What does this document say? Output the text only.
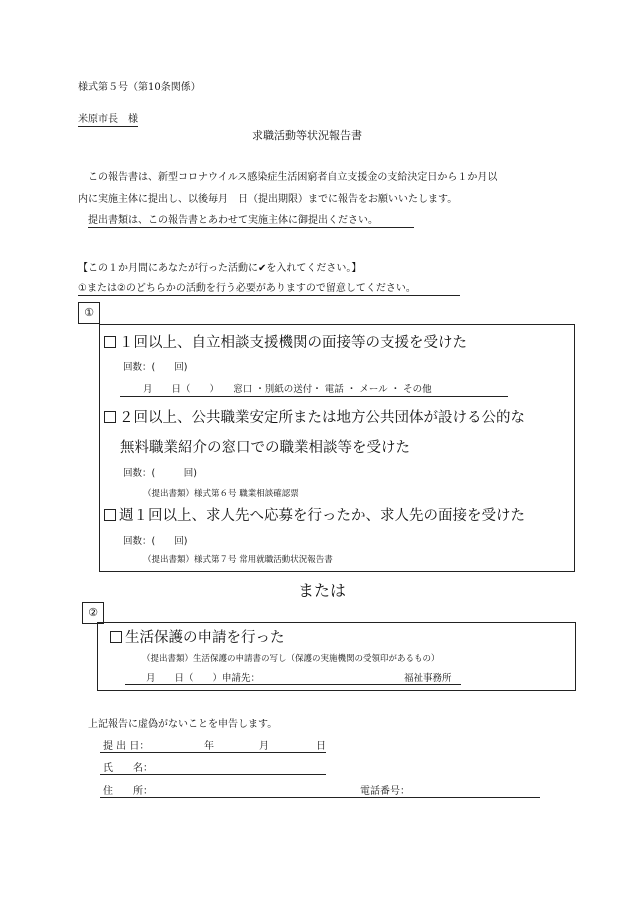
様式第５号（第10条関係）
米原市長　様
求職活動等状況報告書
この報告書は、新型コロナウイルス感染症生活困窮者自立支援金の支給決定日から１か月以
内に実施主体に提出し、以後毎月　日（提出期限）までに報告をお願いいたします。
提出書類は、この報告書とあわせて実施主体に御提出ください。
【この１か月間にあなたが行った活動に✔を入れてください。】
①または②のどちらかの活動を行う必要がありますので留意してください。
①
１回以上、自立相談支援機関の面接等の支援を受けた
回数：(　　回)
月　　日（　　）　　窓口 ・別紙の送付・ 電話 ・ メール ・ その他
２回以上、公共職業安定所または地方公共団体が設ける公的な
無料職業紹介の窓口での職業相談等を受けた
回数：(　　　回)
（提出書類）様式第６号 職業相談確認票
週１回以上、求人先へ応募を行ったか、求人先の面接を受けた
回数：(　　回)
（提出書類）様式第７号 常用就職活動状況報告書
または
②
生活保護の申請を行った
（提出書類）生活保護の申請書の写し（保護の実施機関の受領印があるもの）
月　　日（　　）申請先：	福祉事務所
上記報告に虚偽がないことを申告します。
提 出 日：	年	月	日
氏　　名：
住　　所：	電話番号：
